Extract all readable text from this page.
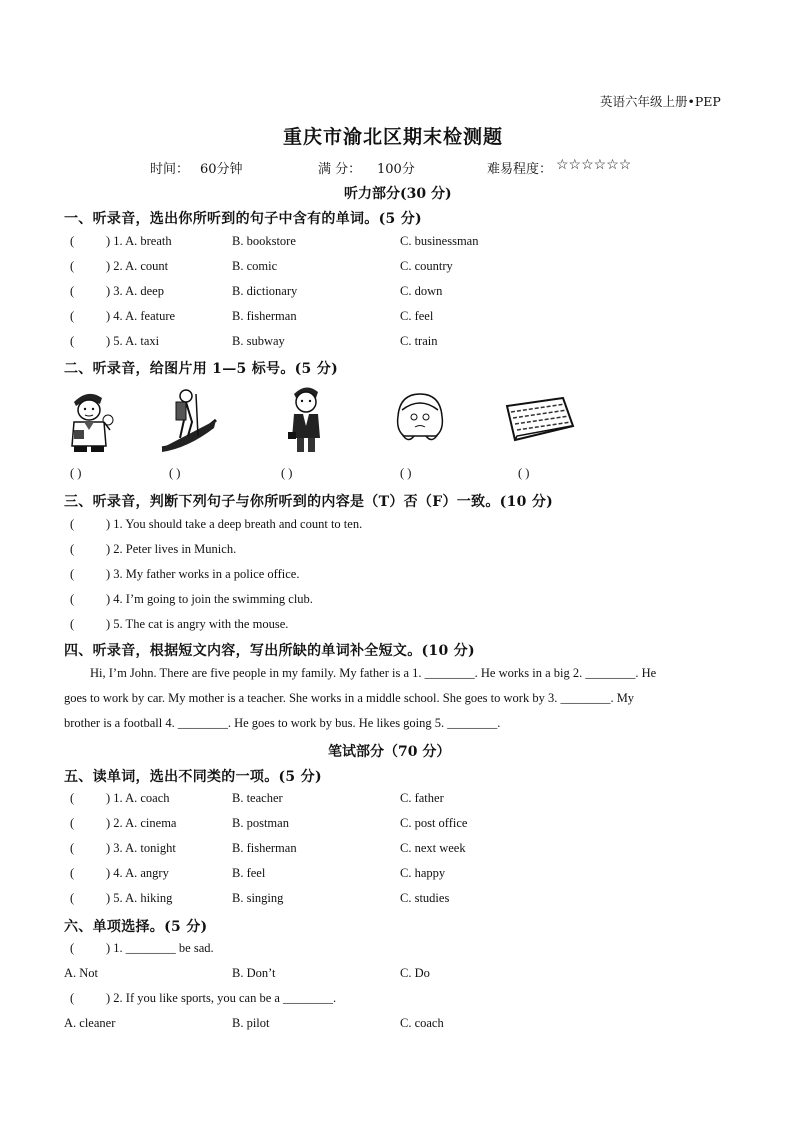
英语六年级上册•PEP
重庆市渝北区期末检测题
时间： 60分钟	满 分： 100分	难易程度： ☆☆☆☆☆☆
听力部分(30 分)
一、听录音，选出你所听到的句子中含有的单词。(5 分)
(	) 1. A. breath	B. bookstore	C. businessman
(	) 2. A. count	B. comic	C. country
(	) 3. A. deep	B. dictionary	C. down
(	) 4. A. feature	B. fisherman	C. feel
(	) 5. A. taxi	B. subway	C. train
二、听录音，给图片用 1—5 标号。(5 分)
( )	( )	( )	( )	( )
三、听录音，判断下列句子与你所听到的内容是（T）否（F）一致。(10 分)
(	) 1. You should take a deep breath and count to ten.
(	) 2. Peter lives in Munich.
(	) 3. My father works in a police office.
(	) 4. I’m going to join the swimming club.
(	) 5. The cat is angry with the mouse.
四、听录音，根据短文内容，写出所缺的单词补全短文。(10 分)
Hi, I’m John. There are five people in my family. My father is a 1. ________. He works in a big 2. ________. He
goes to work by car. My mother is a teacher. She works in a middle school. She goes to work by 3. ________. My
brother is a football 4. ________. He goes to work by bus. He likes going 5. ________.
笔试部分（70 分）
五、读单词，选出不同类的一项。(5 分)
(	) 1. A. coach	B. teacher	C. father
(	) 2. A. cinema	B. postman	C. post office
(	) 3. A. tonight	B. fisherman	C. next week
(	) 4. A. angry	B. feel	C. happy
(	) 5. A. hiking	B. singing	C. studies
六、单项选择。(5 分)
(	) 1. ________ be sad.
A. Not	B. Don’t	C. Do
(	) 2. If you like sports, you can be a ________.
A. cleaner	B. pilot	C. coach
